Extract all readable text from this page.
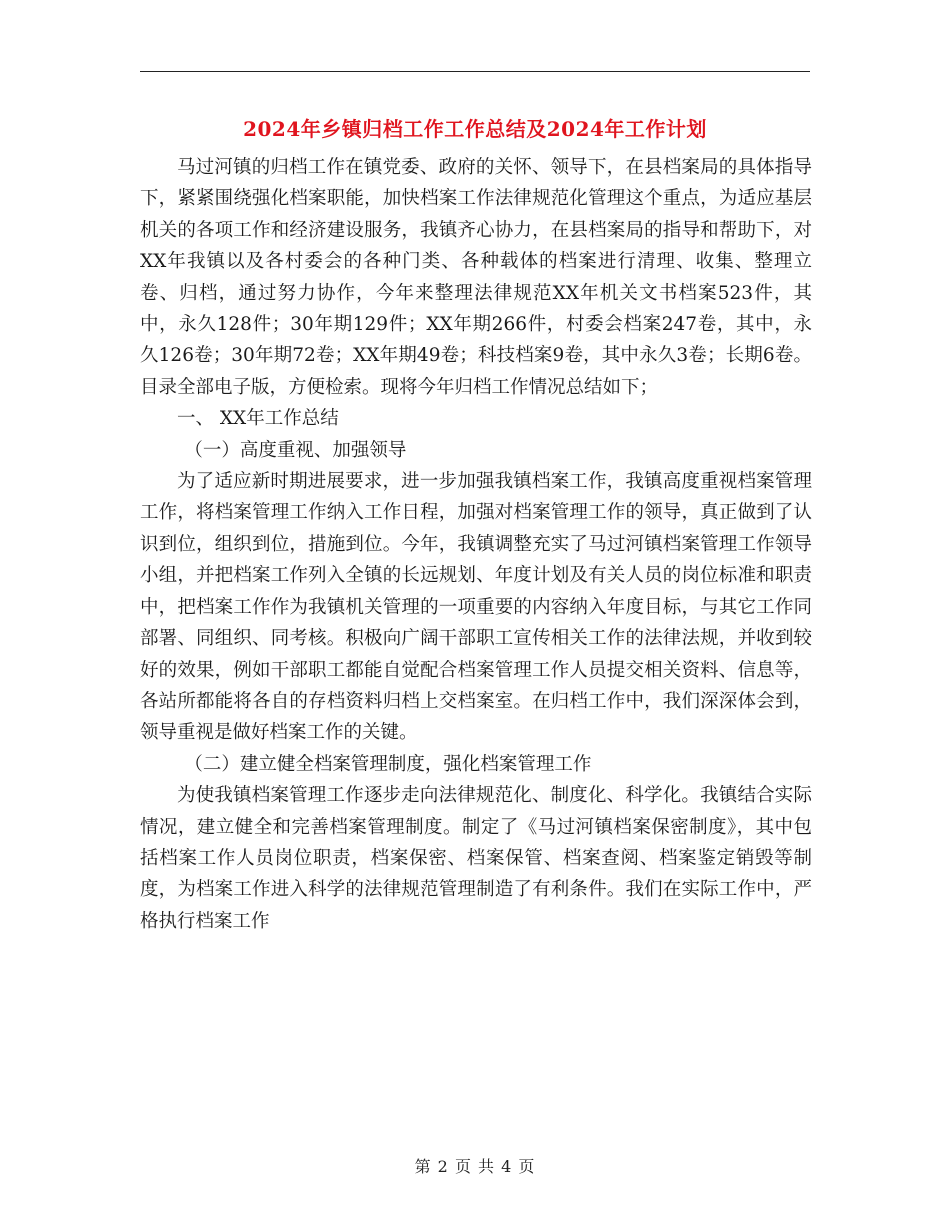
2024年乡镇归档工作工作总结及2024年工作计划

马过河镇的归档工作在镇党委、政府的关怀、领导下，在县档案局的具体指导下，紧紧围绕强化档案职能，加快档案工作法律规范化管理这个重点，为适应基层机关的各项工作和经济建设服务，我镇齐心协力，在县档案局的指导和帮助下，对XX年我镇以及各村委会的各种门类、各种载体的档案进行清理、收集、整理立卷、归档，通过努力协作，今年来整理法律规范XX年机关文书档案523件，其中，永久128件；30年期129件；XX年期266件，村委会档案247卷，其中，永久126卷；30年期72卷；XX年期49卷；科技档案9卷，其中永久3卷；长期6卷。目录全部电子版，方便检索。现将今年归档工作情况总结如下；

一、 XX年工作总结

（一）高度重视、加强领导

为了适应新时期进展要求，进一步加强我镇档案工作，我镇高度重视档案管理工作，将档案管理工作纳入工作日程，加强对档案管理工作的领导，真正做到了认识到位，组织到位，措施到位。今年，我镇调整充实了马过河镇档案管理工作领导小组，并把档案工作列入全镇的长远规划、年度计划及有关人员的岗位标准和职责中，把档案工作作为我镇机关管理的一项重要的内容纳入年度目标，与其它工作同部署、同组织、同考核。积极向广阔干部职工宣传相关工作的法律法规，并收到较好的效果，例如干部职工都能自觉配合档案管理工作人员提交相关资料、信息等，各站所都能将各自的存档资料归档上交档案室。在归档工作中，我们深深体会到，领导重视是做好档案工作的关键。

（二）建立健全档案管理制度，强化档案管理工作

为使我镇档案管理工作逐步走向法律规范化、制度化、科学化。我镇结合实际情况，建立健全和完善档案管理制度。制定了《马过河镇档案保密制度》，其中包括档案工作人员岗位职责，档案保密、档案保管、档案查阅、档案鉴定销毁等制度，为档案工作进入科学的法律规范管理制造了有利条件。我们在实际工作中，严格执行档案工作

第 2 页 共 4 页
